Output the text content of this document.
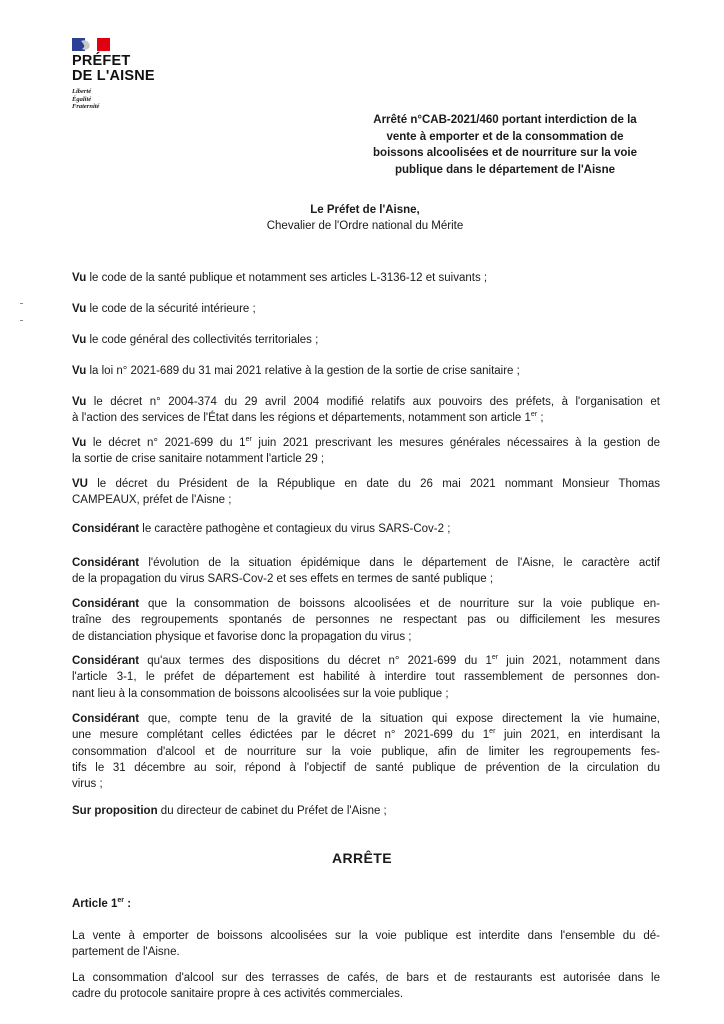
PRÉFET
DE L'AISNE
Liberté
Égalité
Fraternité
Arrêté n°CAB-2021/460 portant interdiction de la
vente à emporter et de la consommation de
boissons alcoolisées et de nourriture sur la voie
publique dans le département de l'Aisne
Le Préfet de l'Aisne,
Chevalier de l'Ordre national du Mérite
Vu le code de la santé publique et notamment ses articles L-3136-12 et suivants ;
Vu le code de la sécurité intérieure ;
Vu le code général des collectivités territoriales ;
Vu la loi n° 2021-689 du 31 mai 2021 relative à la gestion de la sortie de crise sanitaire ;
Vu le décret n° 2004-374 du 29 avril 2004 modifié relatifs aux pouvoirs des préfets, à l'organisation et
à l'action des services de l'État dans les régions et départements, notamment son article 1er ;
Vu le décret n° 2021-699 du 1er juin 2021 prescrivant les mesures générales nécessaires à la gestion de
la sortie de crise sanitaire notamment l'article 29 ;
VU le décret du Président de la République en date du 26 mai 2021 nommant Monsieur Thomas
CAMPEAUX, préfet de l'Aisne ;
Considérant le caractère pathogène et contagieux du virus SARS-Cov-2 ;
Considérant l'évolution de la situation épidémique dans le département de l'Aisne, le caractère actif
de la propagation du virus SARS-Cov-2 et ses effets en termes de santé publique ;
Considérant que la consommation de boissons alcoolisées et de nourriture sur la voie publique en-
traîne des regroupements spontanés de personnes ne respectant pas ou difficilement les mesures
de distanciation physique et favorise donc la propagation du virus ;
Considérant qu'aux termes des dispositions du décret n° 2021-699 du 1er juin 2021, notamment dans
l'article 3-1, le préfet de département est habilité à interdire tout rassemblement de personnes don-
nant lieu à la consommation de boissons alcoolisées sur la voie publique ;
Considérant que, compte tenu de la gravité de la situation qui expose directement la vie humaine,
une mesure complétant celles édictées par le décret n° 2021-699 du 1er juin 2021, en interdisant la
consommation d'alcool et de nourriture sur la voie publique, afin de limiter les regroupements fes-
tifs le 31 décembre au soir, répond à l'objectif de santé publique de prévention de la circulation du
virus ;
Sur proposition du directeur de cabinet du Préfet de l'Aisne ;
ARRÊTE
Article 1er :
La vente à emporter de boissons alcoolisées sur la voie publique est interdite dans l'ensemble du dé-
partement de l'Aisne.
La consommation d'alcool sur des terrasses de cafés, de bars et de restaurants est autorisée dans le
cadre du protocole sanitaire propre à ces activités commerciales.
